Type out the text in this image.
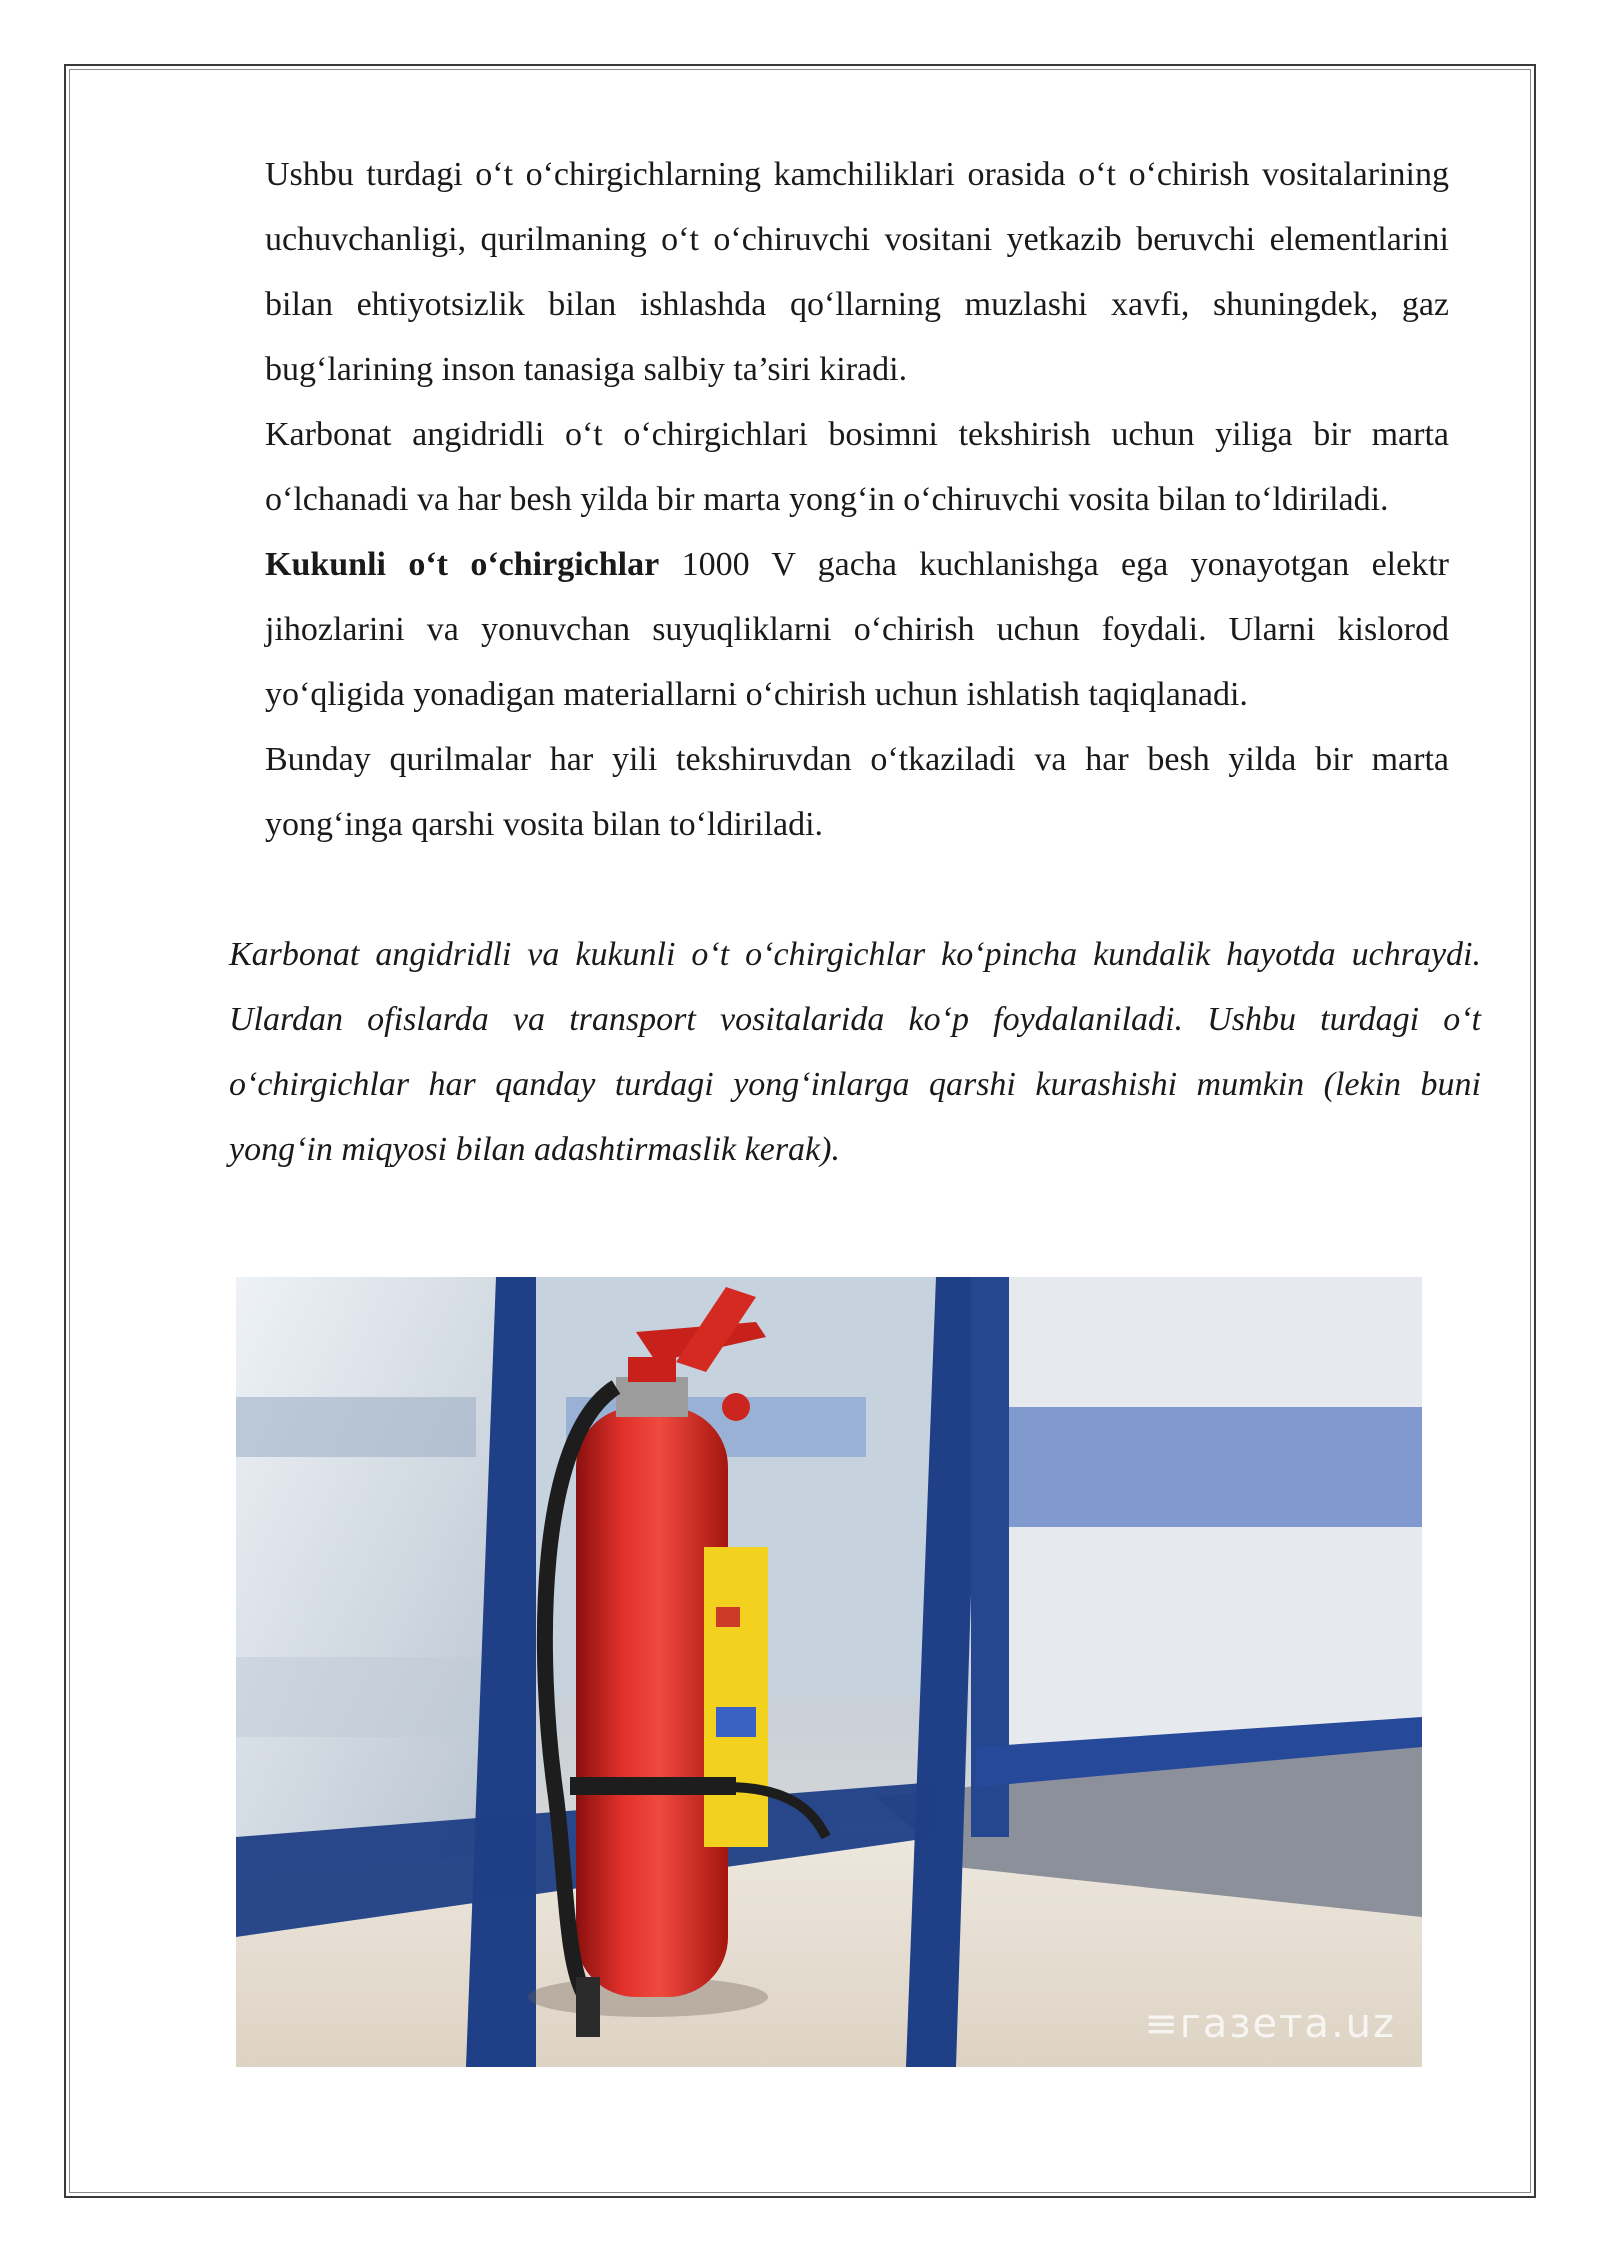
Ushbu turdagi o‘t o‘chirgichlarning kamchiliklari orasida o‘t o‘chirish vositalarining uchuvchanligi, qurilmaning o‘t o‘chiruvchi vositani yetkazib beruvchi elementlarini bilan ehtiyotsizlik bilan ishlashda qo‘llarning muzlashi xavfi, shuningdek, gaz bug‘larining inson tanasiga salbiy ta’siri kiradi.

Karbonat angidridli o‘t o‘chirgichlari bosimni tekshirish uchun yiliga bir marta o‘lchanadi va har besh yilda bir marta yong‘in o‘chiruvchi vosita bilan to‘ldiriladi.

Kukunli o‘t o‘chirgichlar 1000 V gacha kuchlanishga ega yonayotgan elektr jihozlarini va yonuvchan suyuqliklarni o‘chirish uchun foydali. Ularni kislorod yo‘qligida yonadigan materiallarni o‘chirish uchun ishlatish taqiqlanadi.

Bunday qurilmalar har yili tekshiruvdan o‘tkaziladi va har besh yilda bir marta yong‘inga qarshi vosita bilan to‘ldiriladi.

Karbonat angidridli va kukunli o‘t o‘chirgichlar ko‘pincha kundalik hayotda uchraydi. Ulardan ofislarda va transport vositalarida ko‘p foydalaniladi. Ushbu turdagi o‘t o‘chirgichlar har qanday turdagi yong‘inlarga qarshi kurashishi mumkin (lekin buni yong‘in miqyosi bilan adashtirmaslik kerak).

≡газета.uz
